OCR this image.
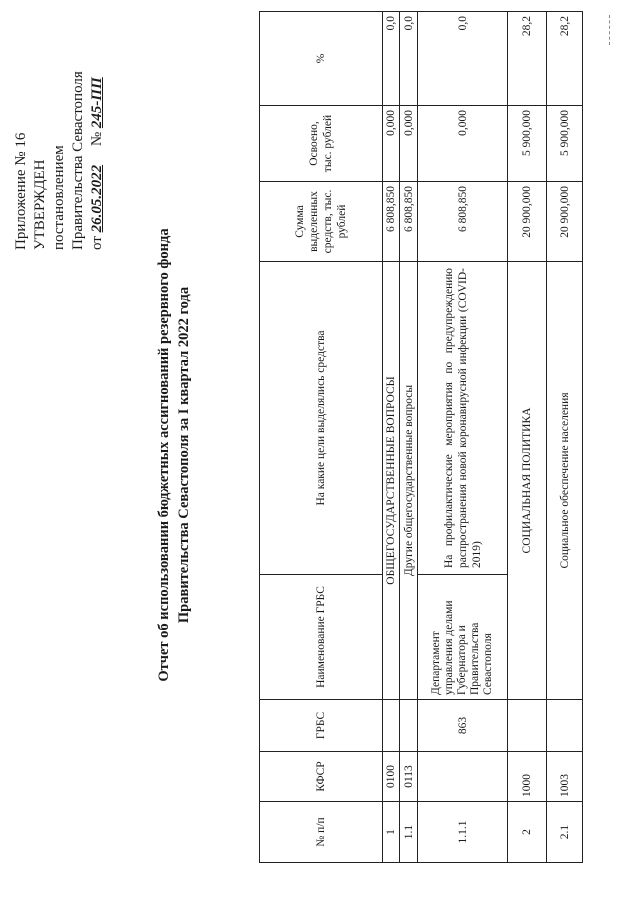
Приложение № 16 УТВЕРЖДЕН постановлением Правительства Севастополя от 26.05.2022     № 245-ПП
Отчет об использовании бюджетных ассигнований резервного фонда Правительства Севастополя за I квартал 2022 года
№ п/п	КФСР	ГРБС	Наименование ГРБС	На какие цели выделялись средства	Сумма выделенных средств, тыс. рублей	Освоено, тыс. рублей	%
1	0100		ОБЩЕГОСУДАРСТВЕННЫЕ ВОПРОСЫ		6 808,850	0,000	0,0
1.1	0113		Другие общегосударственные вопросы		6 808,850	0,000	0,0
1.1.1		863	Департамент управления делами Губернатора и Правительства Севастополя	На профилактические мероприятия по предупреждению распространения новой коронавирусной инфекции (COVID-2019)	6 808,850	0,000	0,0
2	1000		СОЦИАЛЬНАЯ ПОЛИТИКА		20 900,000	5 900,000	28,2
2.1	1003		Социальное обеспечение населения		20 900,000	5 900,000	28,2
